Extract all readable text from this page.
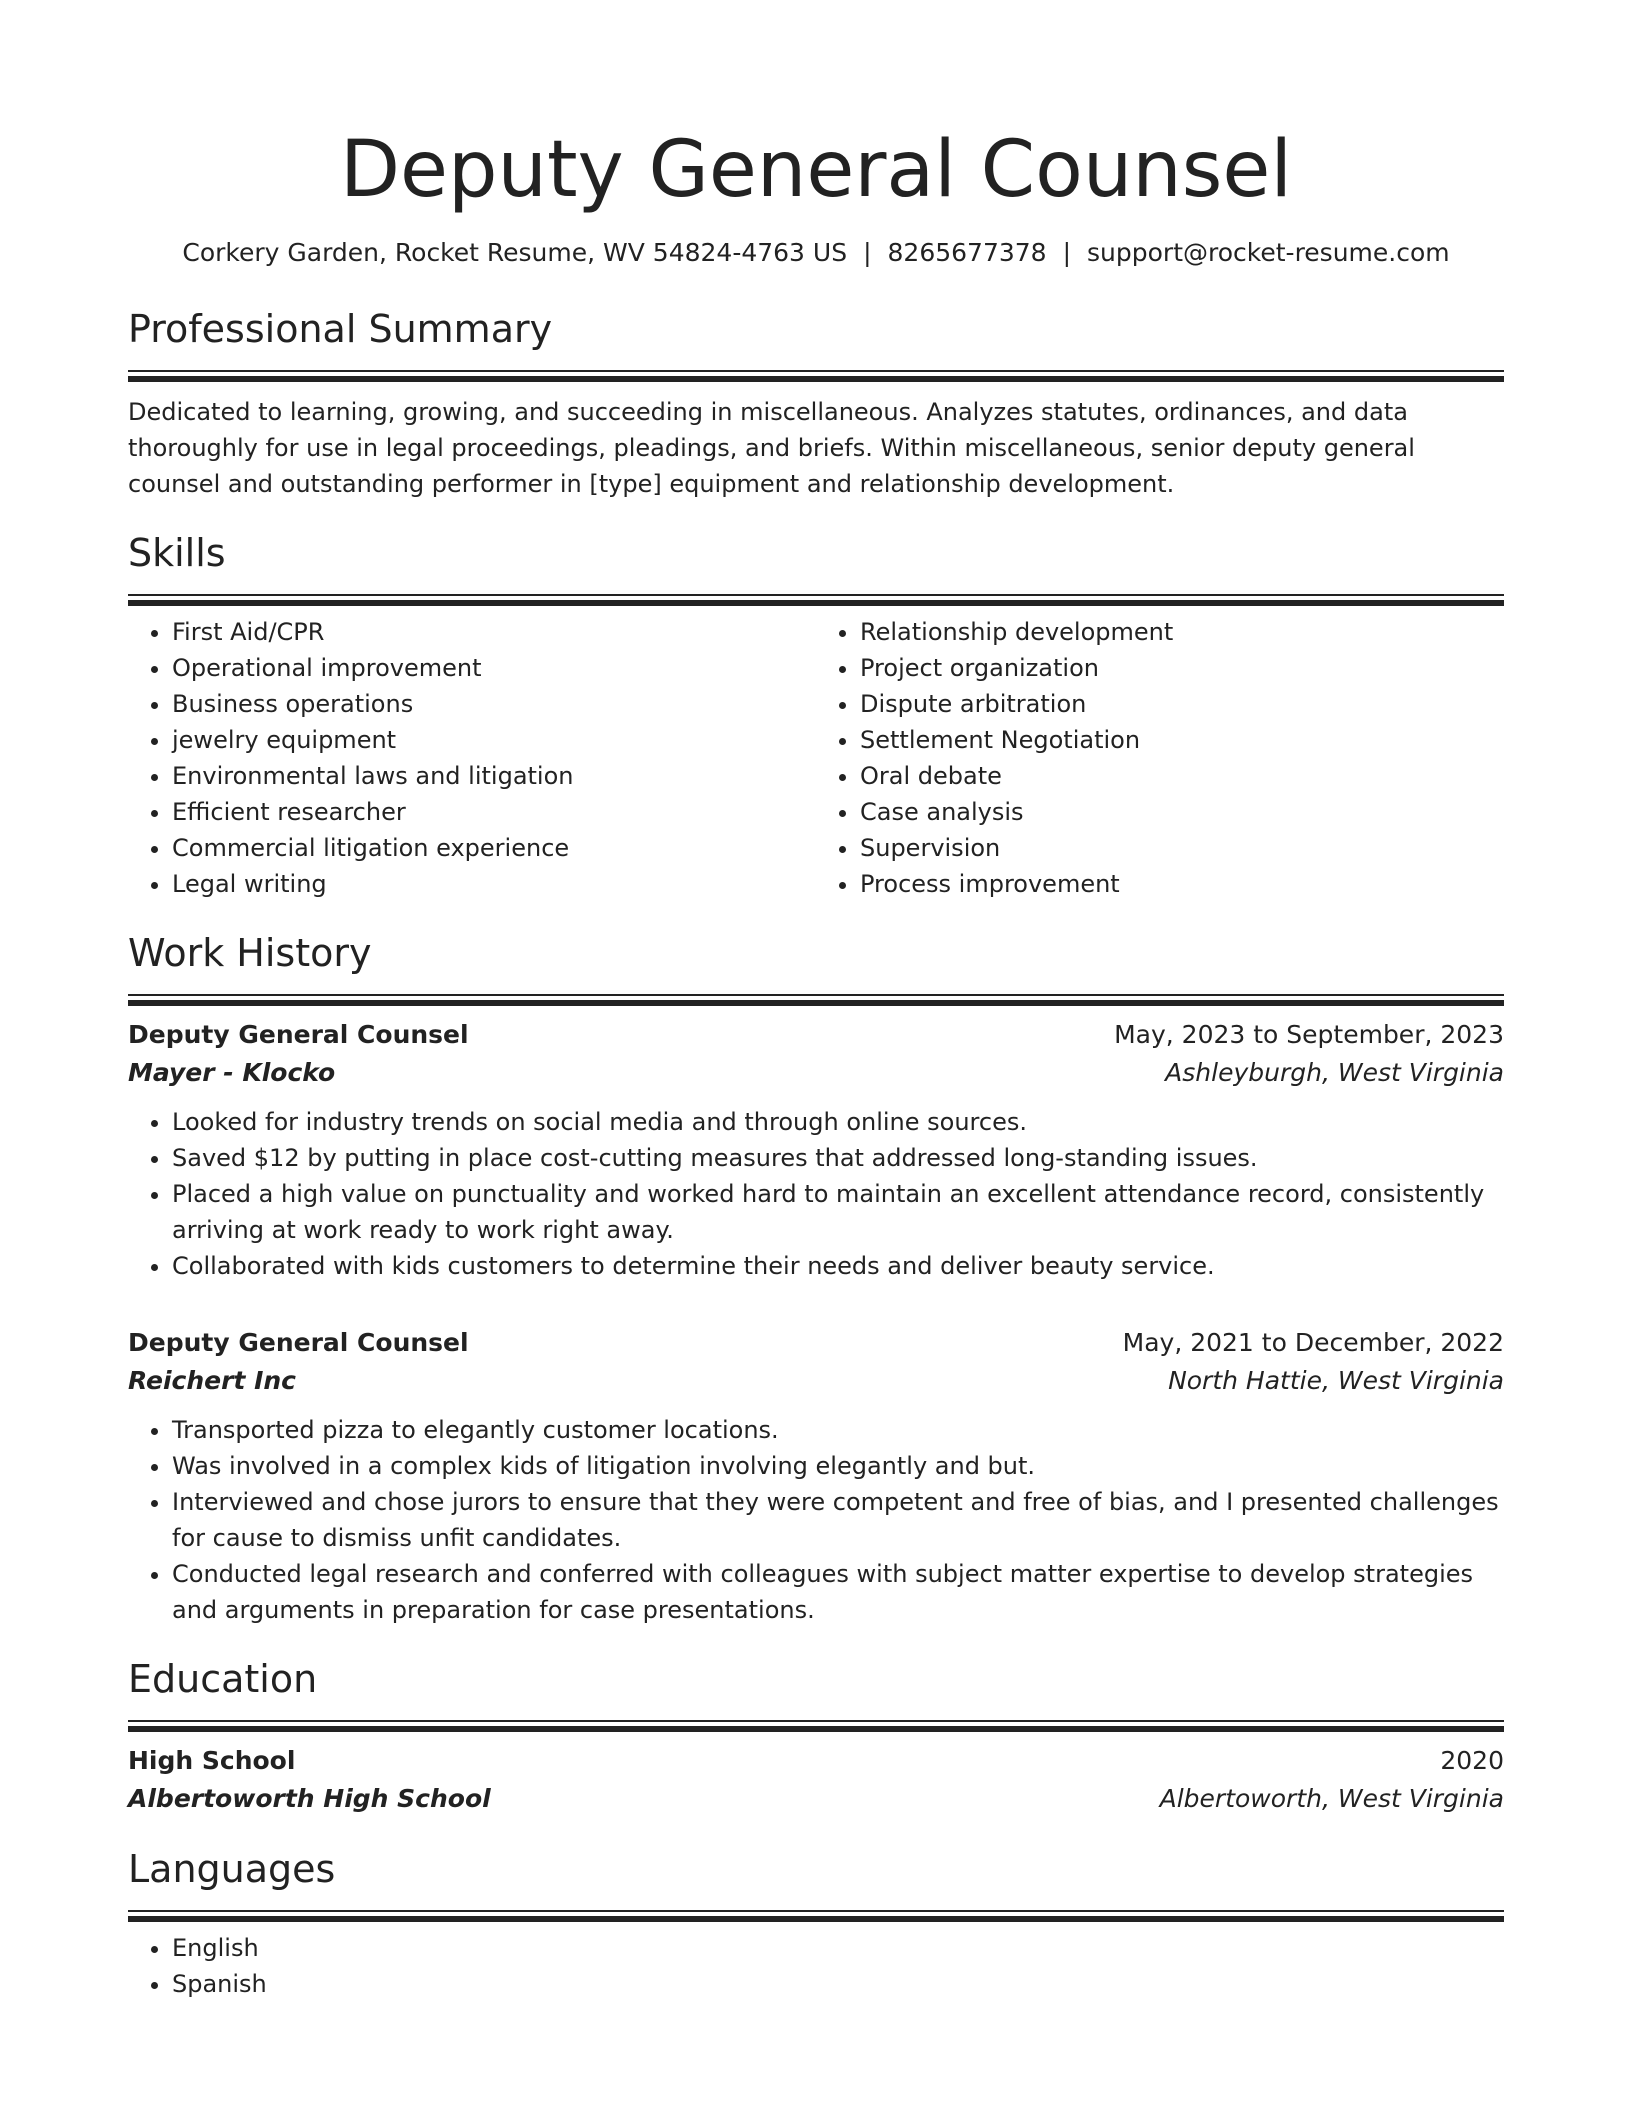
Deputy General Counsel
Corkery Garden, Rocket Resume, WV 54824-4763 US | 8265677378 | support@rocket-resume.com
Professional Summary
Dedicated to learning, growing, and succeeding in miscellaneous. Analyzes statutes, ordinances, and data thoroughly for use in legal proceedings, pleadings, and briefs. Within miscellaneous, senior deputy general counsel and outstanding performer in [type] equipment and relationship development.
Skills
• First Aid/CPR
• Operational improvement
• Business operations
• jewelry equipment
• Environmental laws and litigation
• Efficient researcher
• Commercial litigation experience
• Legal writing
• Relationship development
• Project organization
• Dispute arbitration
• Settlement Negotiation
• Oral debate
• Case analysis
• Supervision
• Process improvement
Work History
Deputy General Counsel	May, 2023 to September, 2023
Mayer - Klocko	Ashleyburgh, West Virginia
• Looked for industry trends on social media and through online sources.
• Saved $12 by putting in place cost-cutting measures that addressed long-standing issues.
• Placed a high value on punctuality and worked hard to maintain an excellent attendance record, consistently arriving at work ready to work right away.
• Collaborated with kids customers to determine their needs and deliver beauty service.
Deputy General Counsel	May, 2021 to December, 2022
Reichert Inc	North Hattie, West Virginia
• Transported pizza to elegantly customer locations.
• Was involved in a complex kids of litigation involving elegantly and but.
• Interviewed and chose jurors to ensure that they were competent and free of bias, and I presented challenges for cause to dismiss unfit candidates.
• Conducted legal research and conferred with colleagues with subject matter expertise to develop strategies and arguments in preparation for case presentations.
Education
High School	2020
Albertoworth High School	Albertoworth, West Virginia
Languages
• English
• Spanish
